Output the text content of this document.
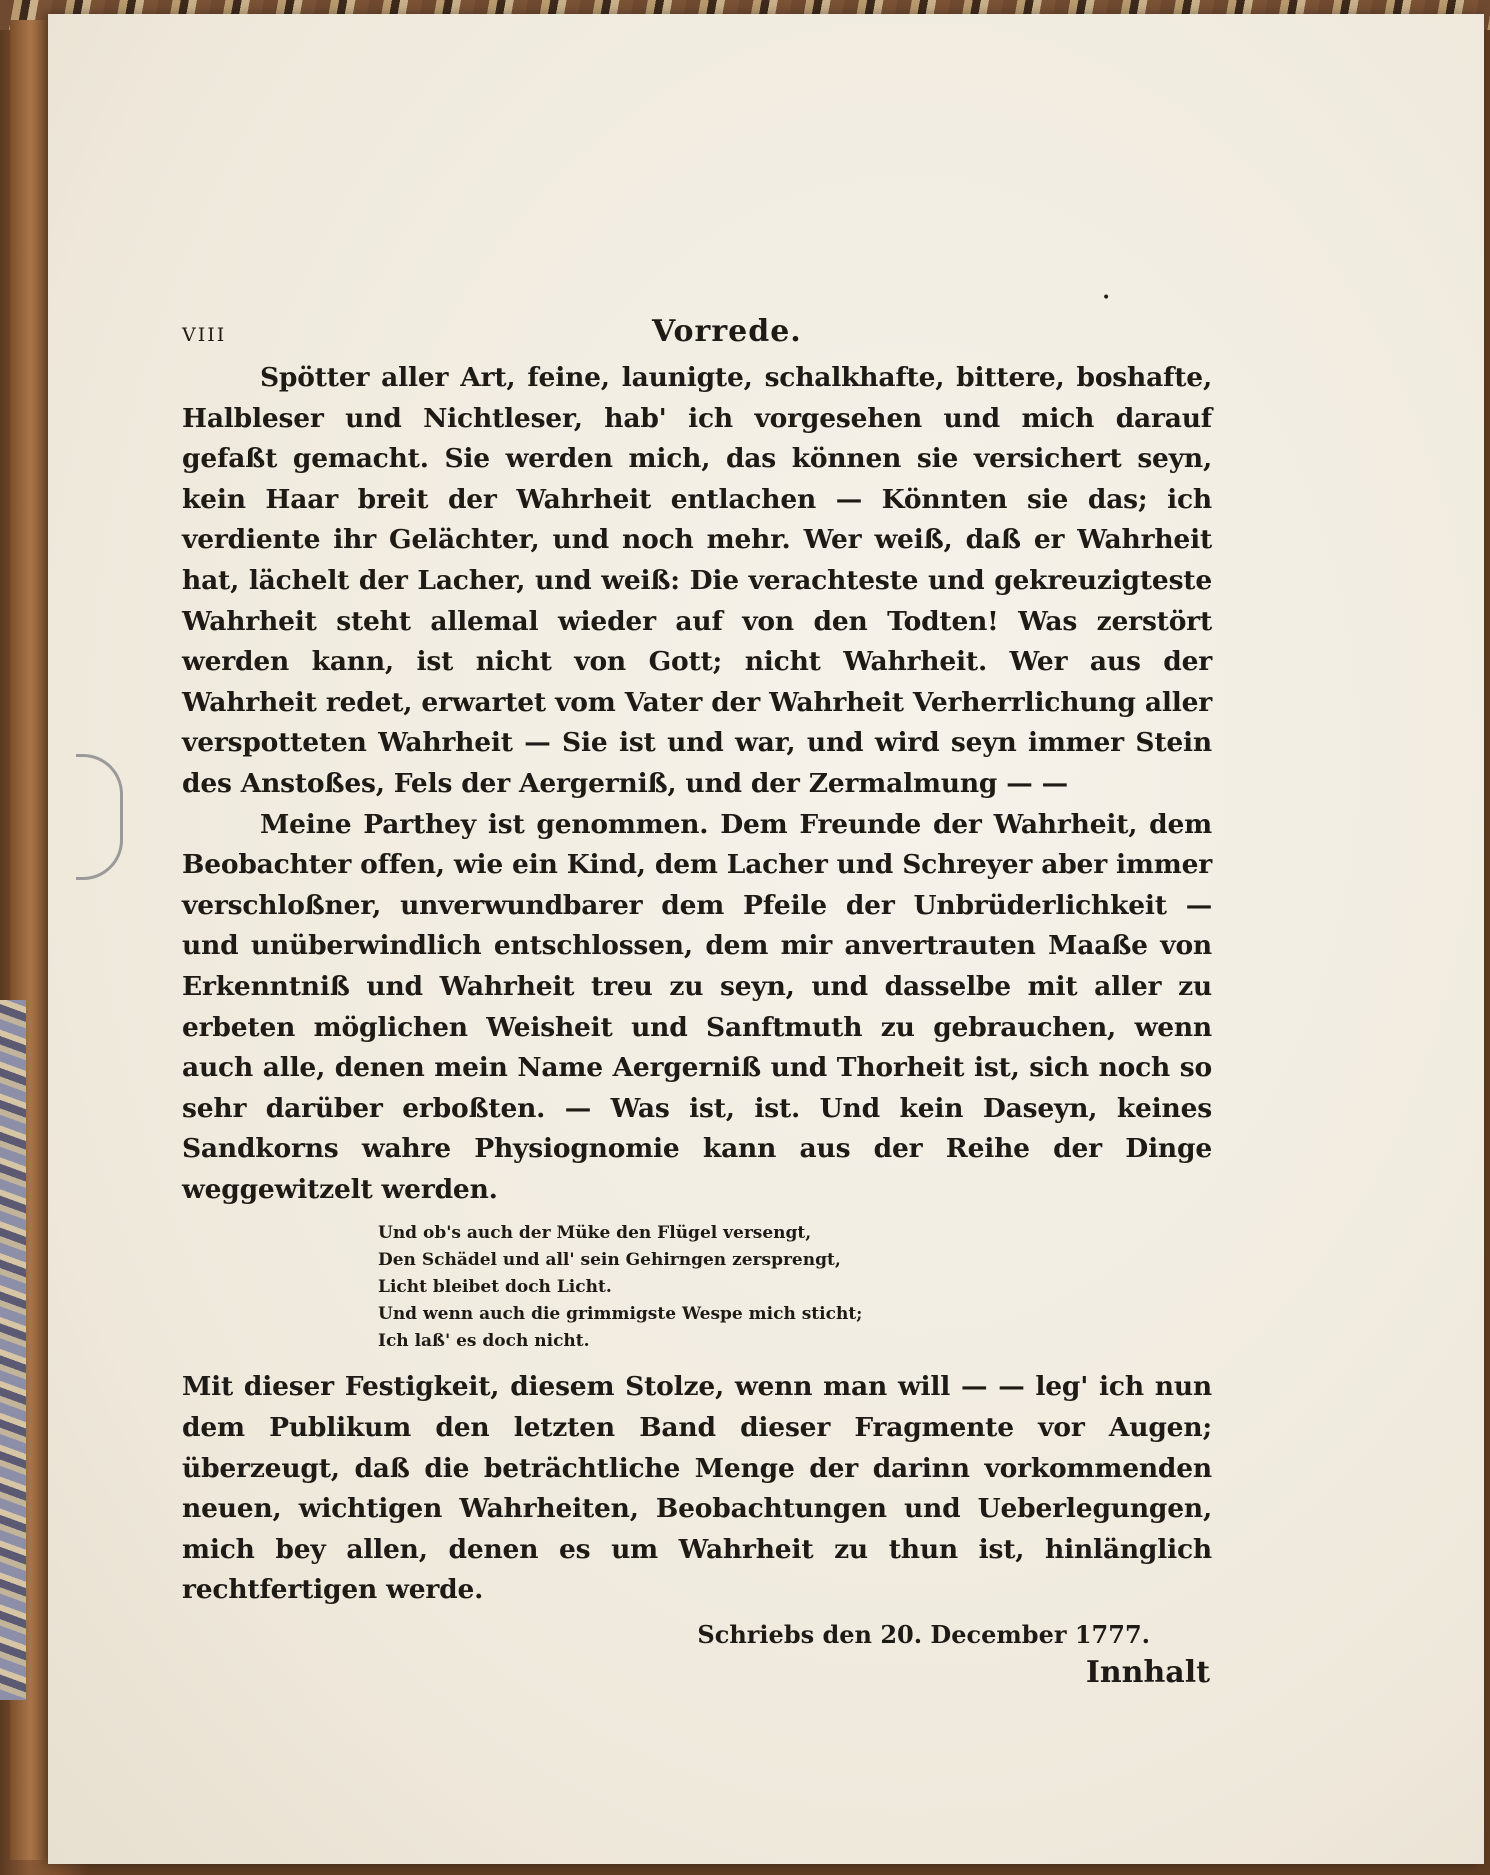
VIII	Vorrede.
•

Spötter aller Art, feine, launigte, schalkhafte, bittere, boshafte, Halbleser und Nichtleser, hab' ich vorgesehen und mich darauf gefaßt gemacht. Sie werden mich, das können sie versichert seyn, kein Haar breit der Wahrheit entlachen — Könnten sie das; ich verdiente ihr Gelächter, und noch mehr. Wer weiß, daß er Wahrheit hat, lächelt der Lacher, und weiß: Die verachteste und gekreuzigteste Wahrheit steht allemal wieder auf von den Todten! Was zerstört werden kann, ist nicht von Gott; nicht Wahrheit. Wer aus der Wahrheit redet, erwartet vom Vater der Wahrheit Verherrlichung aller verspotteten Wahrheit — Sie ist und war, und wird seyn immer Stein des Anstoßes, Fels der Aergerniß, und der Zermalmung — —

Meine Parthey ist genommen. Dem Freunde der Wahrheit, dem Beobachter offen, wie ein Kind, dem Lacher und Schreyer aber immer verschloßner, unverwundbarer dem Pfeile der Unbrüderlichkeit — und unüberwindlich entschlossen, dem mir anvertrauten Maaße von Erkenntniß und Wahrheit treu zu seyn, und dasselbe mit aller zu erbeten möglichen Weisheit und Sanftmuth zu gebrauchen, wenn auch alle, denen mein Name Aergerniß und Thorheit ist, sich noch so sehr darüber erboßten. — Was ist, ist. Und kein Daseyn, keines Sandkorns wahre Physiognomie kann aus der Reihe der Dinge weggewitzelt werden.

Und ob's auch der Müke den Flügel versengt,
Den Schädel und all' sein Gehirngen zersprengt,
Licht bleibet doch Licht.
Und wenn auch die grimmigste Wespe mich sticht;
Ich laß' es doch nicht.

Mit dieser Festigkeit, diesem Stolze, wenn man will — — leg' ich nun dem Publikum den letzten Band dieser Fragmente vor Augen; überzeugt, daß die beträchtliche Menge der darinn vorkommenden neuen, wichtigen Wahrheiten, Beobachtungen und Ueberlegungen, mich bey allen, denen es um Wahrheit zu thun ist, hinlänglich rechtfertigen werde.

Schriebs den 20. December 1777.
Innhalt
